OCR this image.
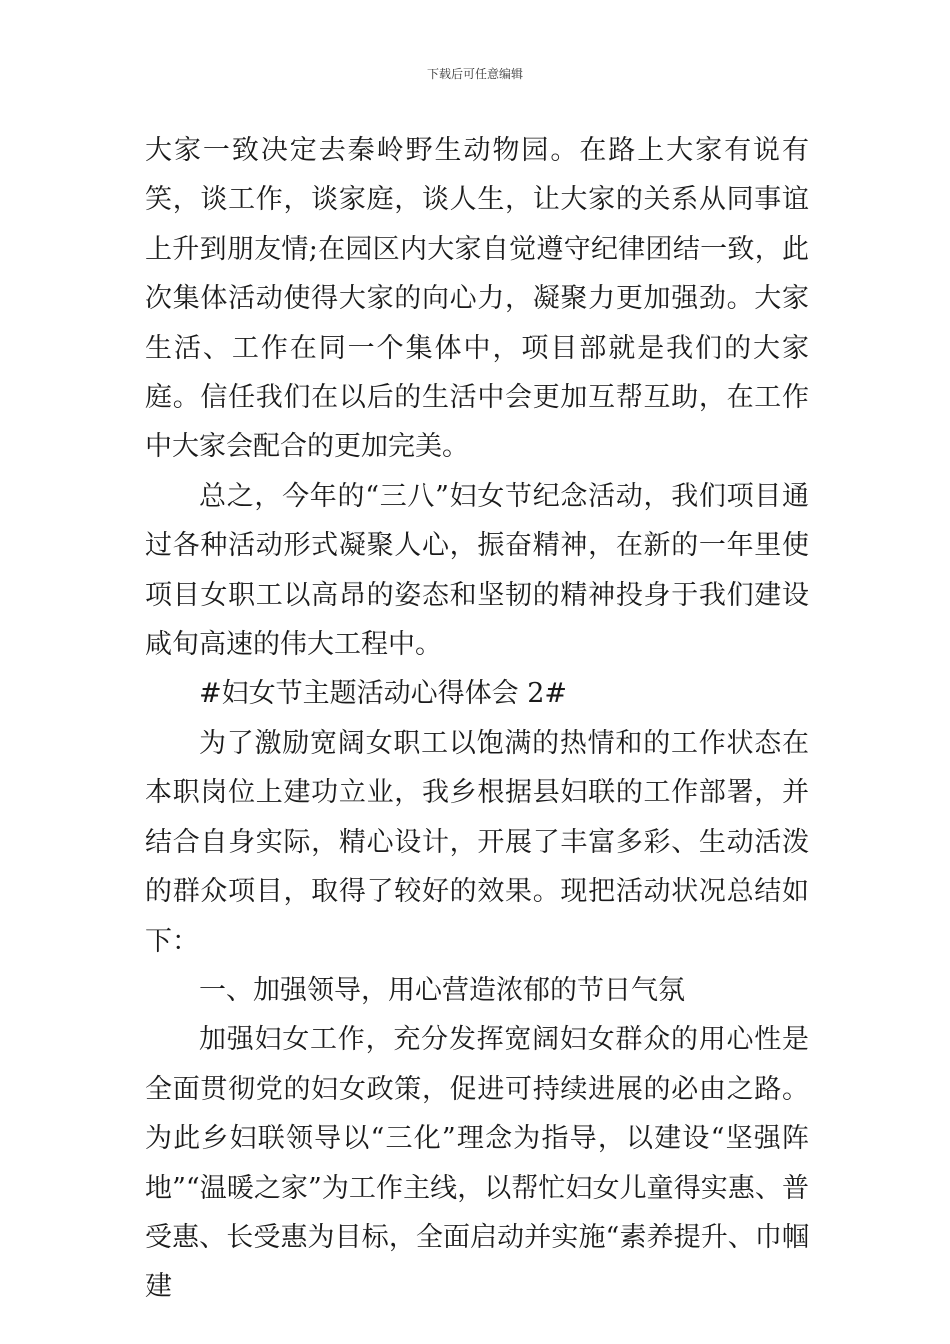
下载后可任意编辑

大家一致决定去秦岭野生动物园。在路上大家有说有笑，谈工作，谈家庭，谈人生，让大家的关系从同事谊上升到朋友情;在园区内大家自觉遵守纪律团结一致，此次集体活动使得大家的向心力，凝聚力更加强劲。大家生活、工作在同一个集体中，项目部就是我们的大家庭。信任我们在以后的生活中会更加互帮互助，在工作中大家会配合的更加完美。

总之，今年的“三八”妇女节纪念活动，我们项目通过各种活动形式凝聚人心，振奋精神，在新的一年里使项目女职工以高昂的姿态和坚韧的精神投身于我们建设咸旬高速的伟大工程中。

#妇女节主题活动心得体会 2#

为了激励宽阔女职工以饱满的热情和的工作状态在本职岗位上建功立业，我乡根据县妇联的工作部署，并结合自身实际，精心设计，开展了丰富多彩、生动活泼的群众项目，取得了较好的效果。现把活动状况总结如下：

一、加强领导，用心营造浓郁的节日气氛

加强妇女工作，充分发挥宽阔妇女群众的用心性是全面贯彻党的妇女政策，促进可持续进展的必由之路。为此乡妇联领导以“三化”理念为指导，以建设“坚强阵地”“温暖之家”为工作主线，以帮忙妇女儿童得实惠、普受惠、长受惠为目标，全面启动并实施“素养提升、巾帼建
